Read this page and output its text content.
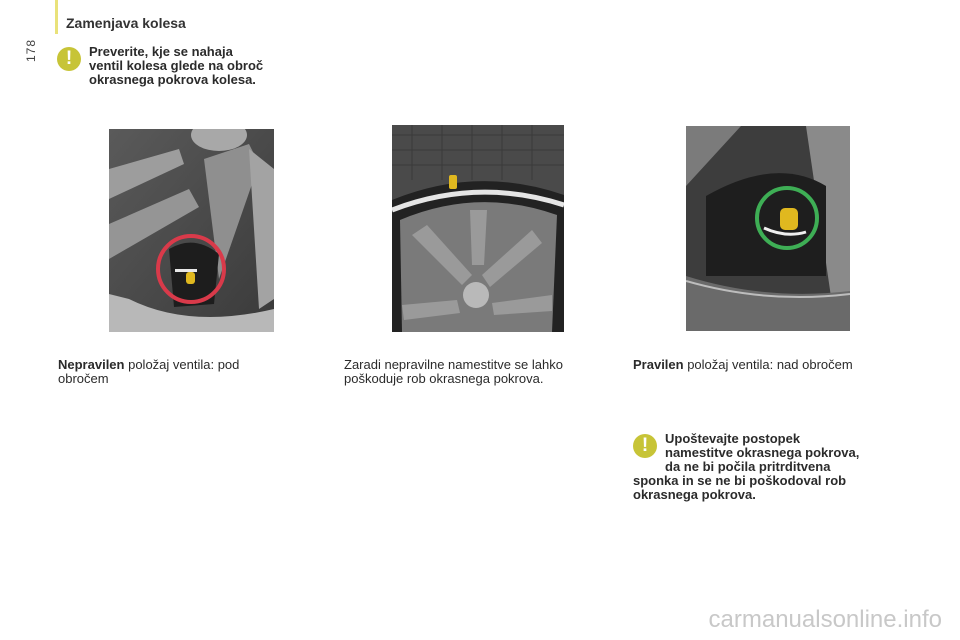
178
Zamenjava kolesa
!	Preverite, kje se nahaja
ventil kolesa glede na obroč
okrasnega pokrova kolesa.
Nepravilen položaj ventila: pod
obročem
Zaradi nepravilne namestitve se lahko
poškoduje rob okrasnega pokrova.
Pravilen položaj ventila: nad obročem
!	Upoštevajte postopek
namestitve okrasnega pokrova,
da ne bi počila pritrditvena
sponka in se ne bi poškodoval rob
okrasnega pokrova.
carmanualsonline.info
